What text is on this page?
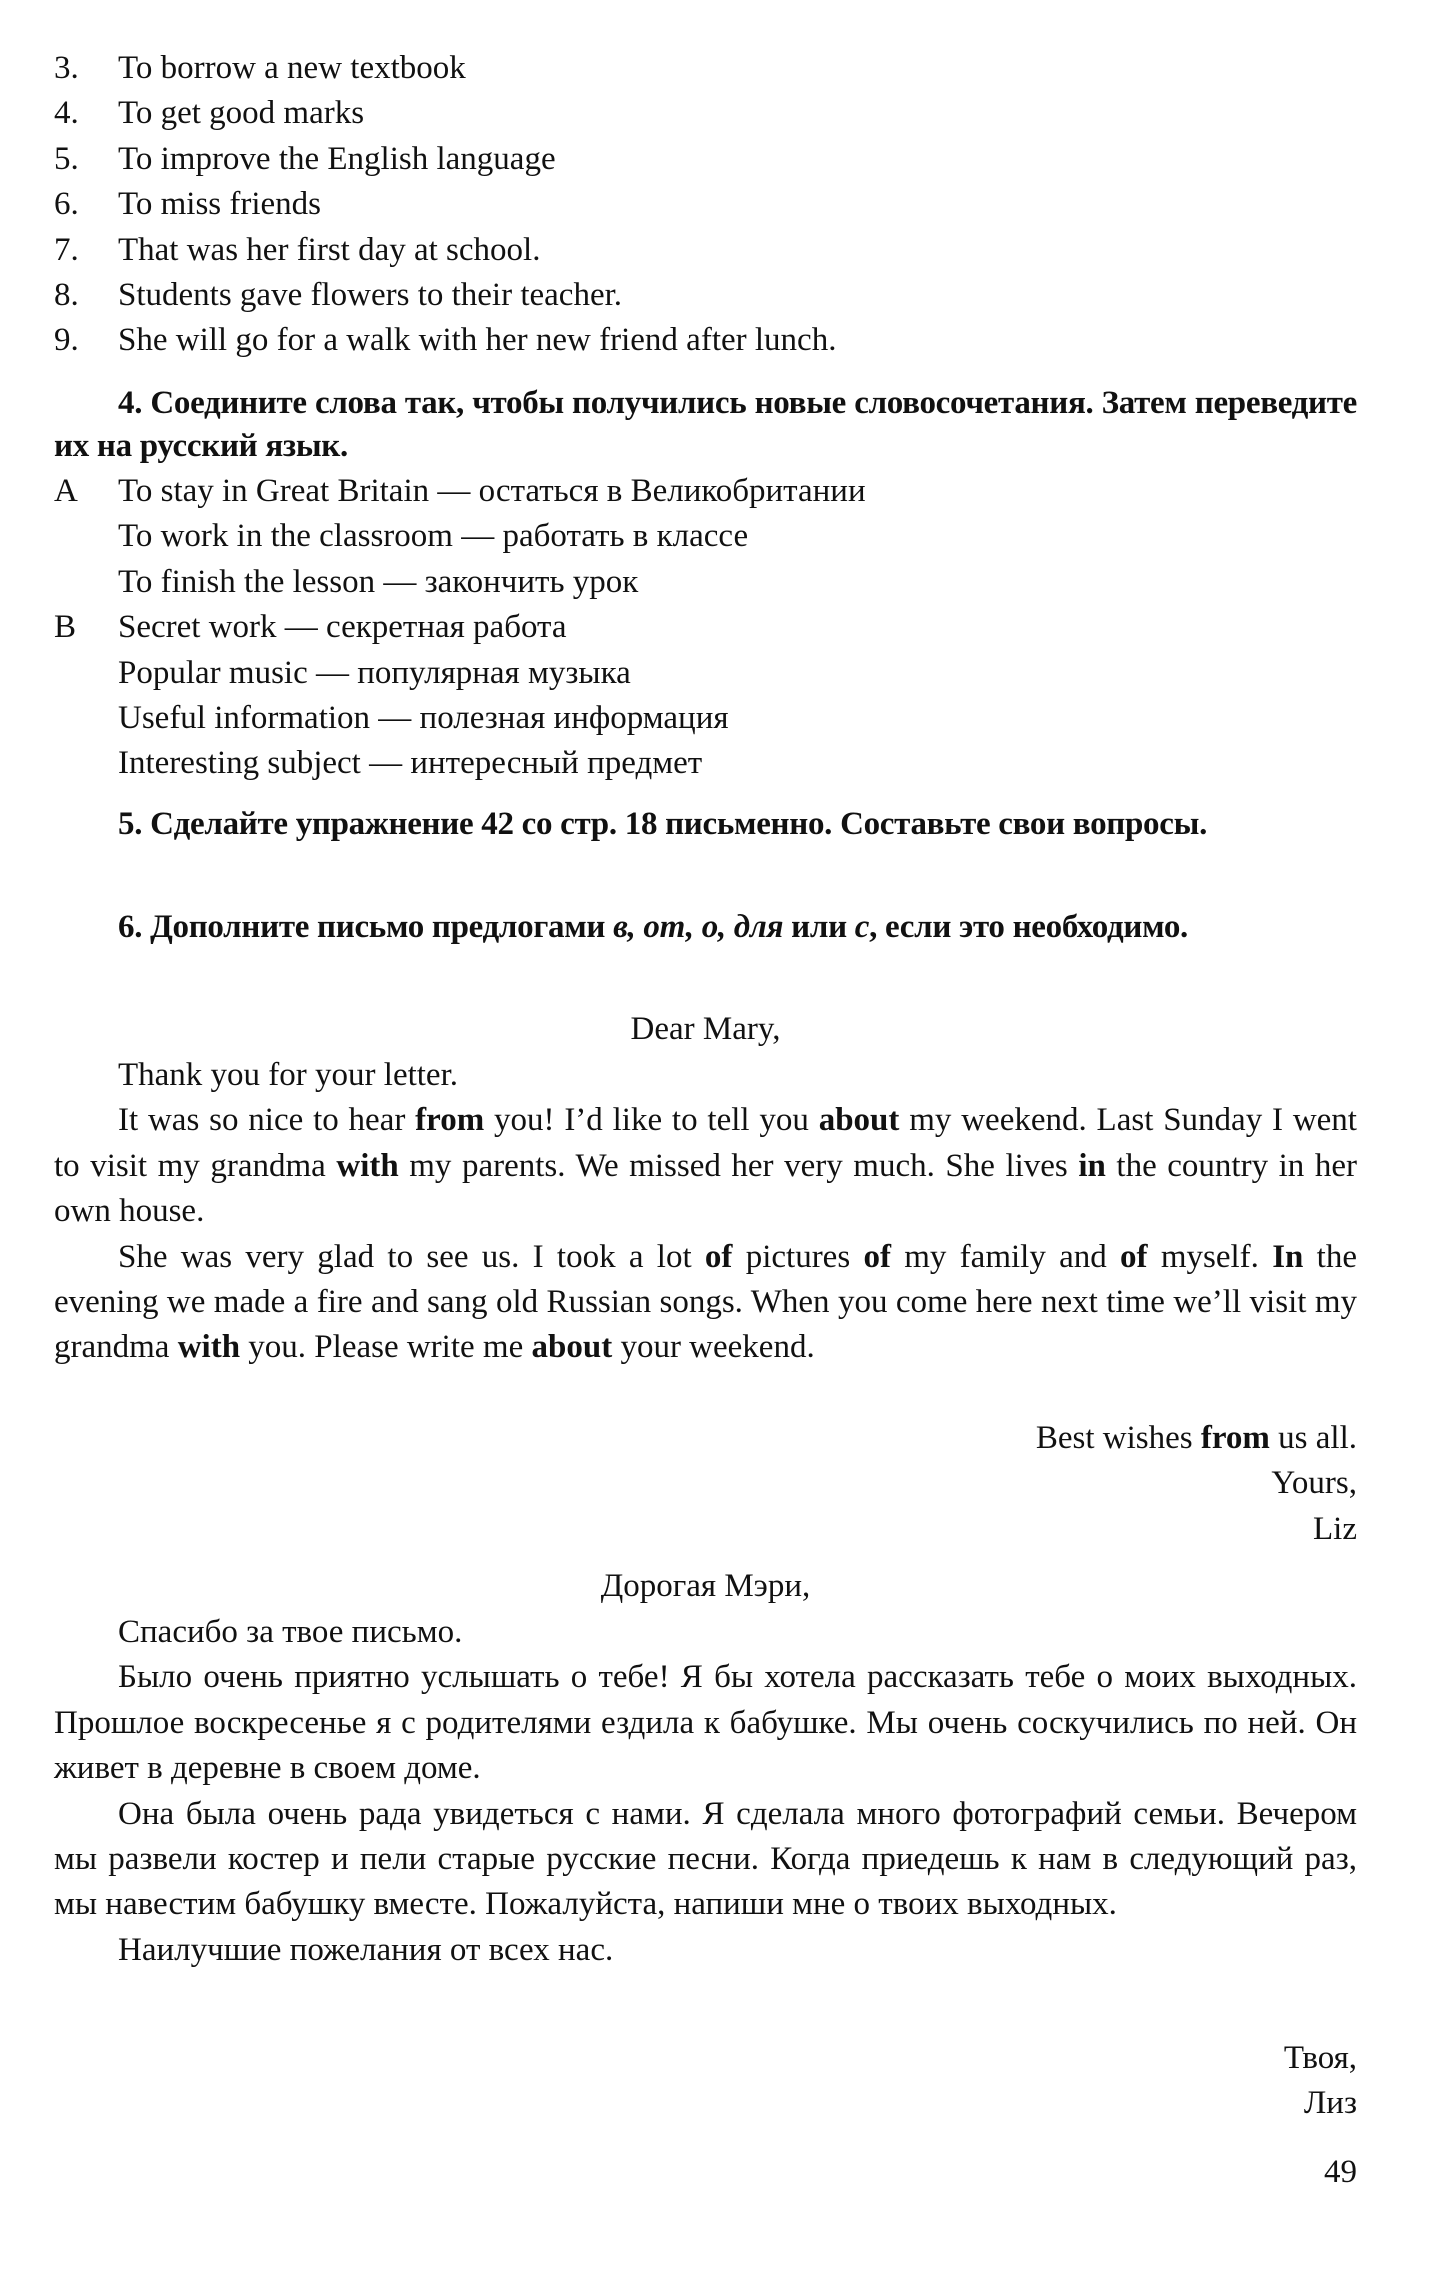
3.	To borrow a new textbook
4.	To get good marks
5.	To improve the English language
6.	To miss friends
7.	That was her first day at school.
8.	Students gave flowers to their teacher.
9.	She will go for a walk with her new friend after lunch.
4. Соедините слова так, чтобы получились новые словосочетания. Затем переведите их на русский язык.
A	To stay in Great Britain — остаться в Великобритании
To work in the classroom — работать в классе
To finish the lesson — закончить урок
B	Secret work — секретная работа
Popular music — популярная музыка
Useful information — полезная информация
Interesting subject — интересный предмет
5. Сделайте упражнение 42 со стр. 18 письменно. Составьте свои вопросы.
6. Дополните письмо предлогами в, от, о, для или с, если это необходимо.
Dear Mary,
Thank you for your letter.
It was so nice to hear from you! I’d like to tell you about my weekend. Last Sunday I went to visit my grandma with my parents. We missed her very much. She lives in the country in her own house.
She was very glad to see us. I took a lot of pictures of my family and of myself. In the evening we made a fire and sang old Russian songs. When you come here next time we’ll visit my grandma with you. Please write me about your weekend.
Best wishes from us all.
Yours,
Liz
Дорогая Мэри,
Спасибо за твое письмо.
Было очень приятно услышать о тебе! Я бы хотела рассказать тебе о моих выходных. Прошлое воскресенье я с родителями ездила к бабушке. Мы очень соскучились по ней. Он живет в деревне в своем доме.
Она была очень рада увидеться с нами. Я сделала много фотографий семьи. Вечером мы развели костер и пели старые русские песни. Когда приедешь к нам в следующий раз, мы навестим бабушку вместе. Пожалуйста, напиши мне о твоих выходных.
Наилучшие пожелания от всех нас.
Твоя,
Лиз
49
